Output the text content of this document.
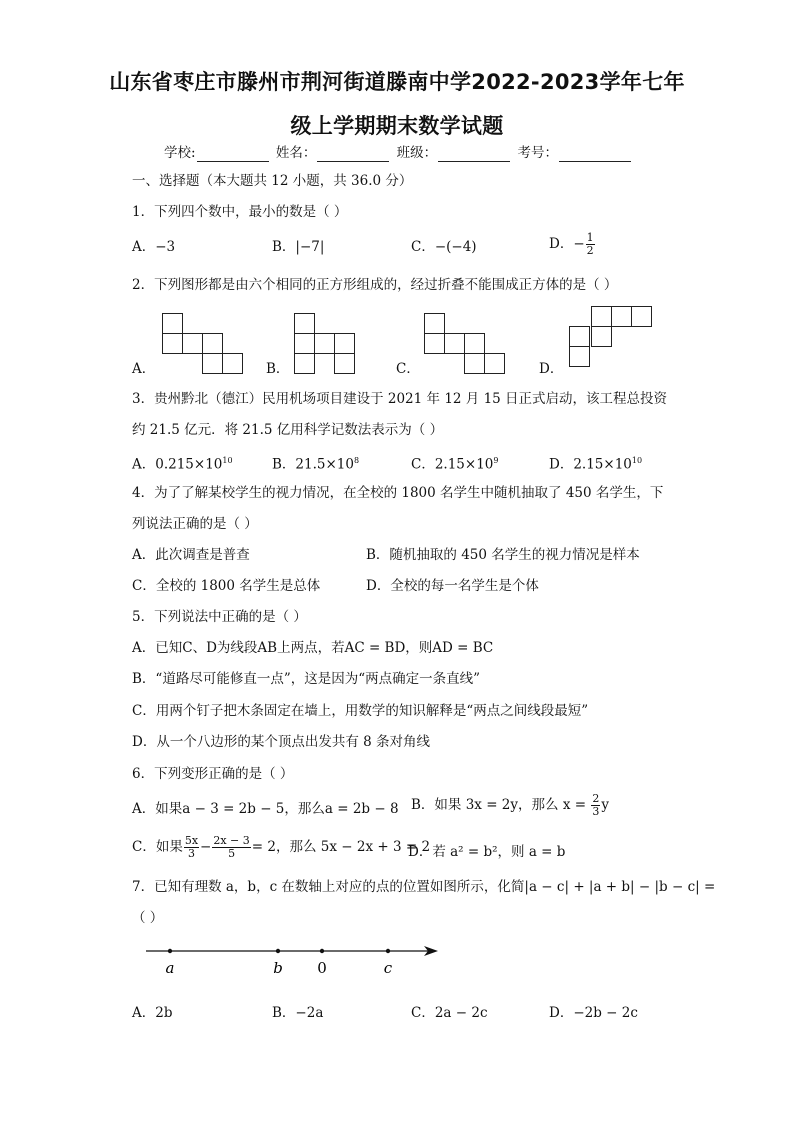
山东省枣庄市滕州市荆河街道滕南中学2022-2023学年七年
级上学期期末数学试题
学校:	姓名：	班级：	考号：
一、选择题（本大题共 12 小题，共 36.0 分）
1．下列四个数中，最小的数是（ ）
A．−3	B．|−7|	C．−(−4)	D．− $\frac{1}{2}$
2．下列图形都是由六个相同的正方形组成的，经过折叠不能围成正方体的是（ ）
A．	B．	C．	D．
3．贵州黔北（德江）民用机场项目建设于 2021 年 12 月 15 日正式启动，该工程总投资
约 21.5 亿元．将 21.5 亿用科学记数法表示为（ ）
A．$0.215\times 10^{10}$	B．$21.5\times 10^8$	C．$2.15\times 10^9$	D．$2.15\times 10^{10}$
4．为了了解某校学生的视力情况，在全校的 1800 名学生中随机抽取了 450 名学生，下
列说法正确的是（ ）
A．此次调查是普查	B．随机抽取的 450 名学生的视力情况是样本
C．全校的 1800 名学生是总体	D．全校的每一名学生是个体
5．下列说法中正确的是（ ）
A．已知C、D为线段AB上两点，若AC = BD，则AD = BC
B．“道路尽可能修直一点”，这是因为“两点确定一条直线”
C．用两个钉子把木条固定在墙上，用数学的知识解释是“两点之间线段最短”
D．从一个八边形的某个顶点出发共有 8 条对角线
6．下列变形正确的是（ ）
A．如果a − 3 = 2b − 5，那么a = 2b − 8 B．如果 3x = 2y，那么 $x = \frac{2}{3}$ y
C．如果 $\frac{5x}{3} - \frac{2x - 3}{5} = 2$，那么 5x − 2x + 3 = 2
D．若 a² = b²，则 a = b
7．已知有理数 a，b，c 在数轴上对应的点的位置如图所示，化简|a − c| + |a + b| − |b − c| =
（ ）
a	b 0	c
A．2b	B．−2a	C．2a − 2c	D．−2b − 2c
